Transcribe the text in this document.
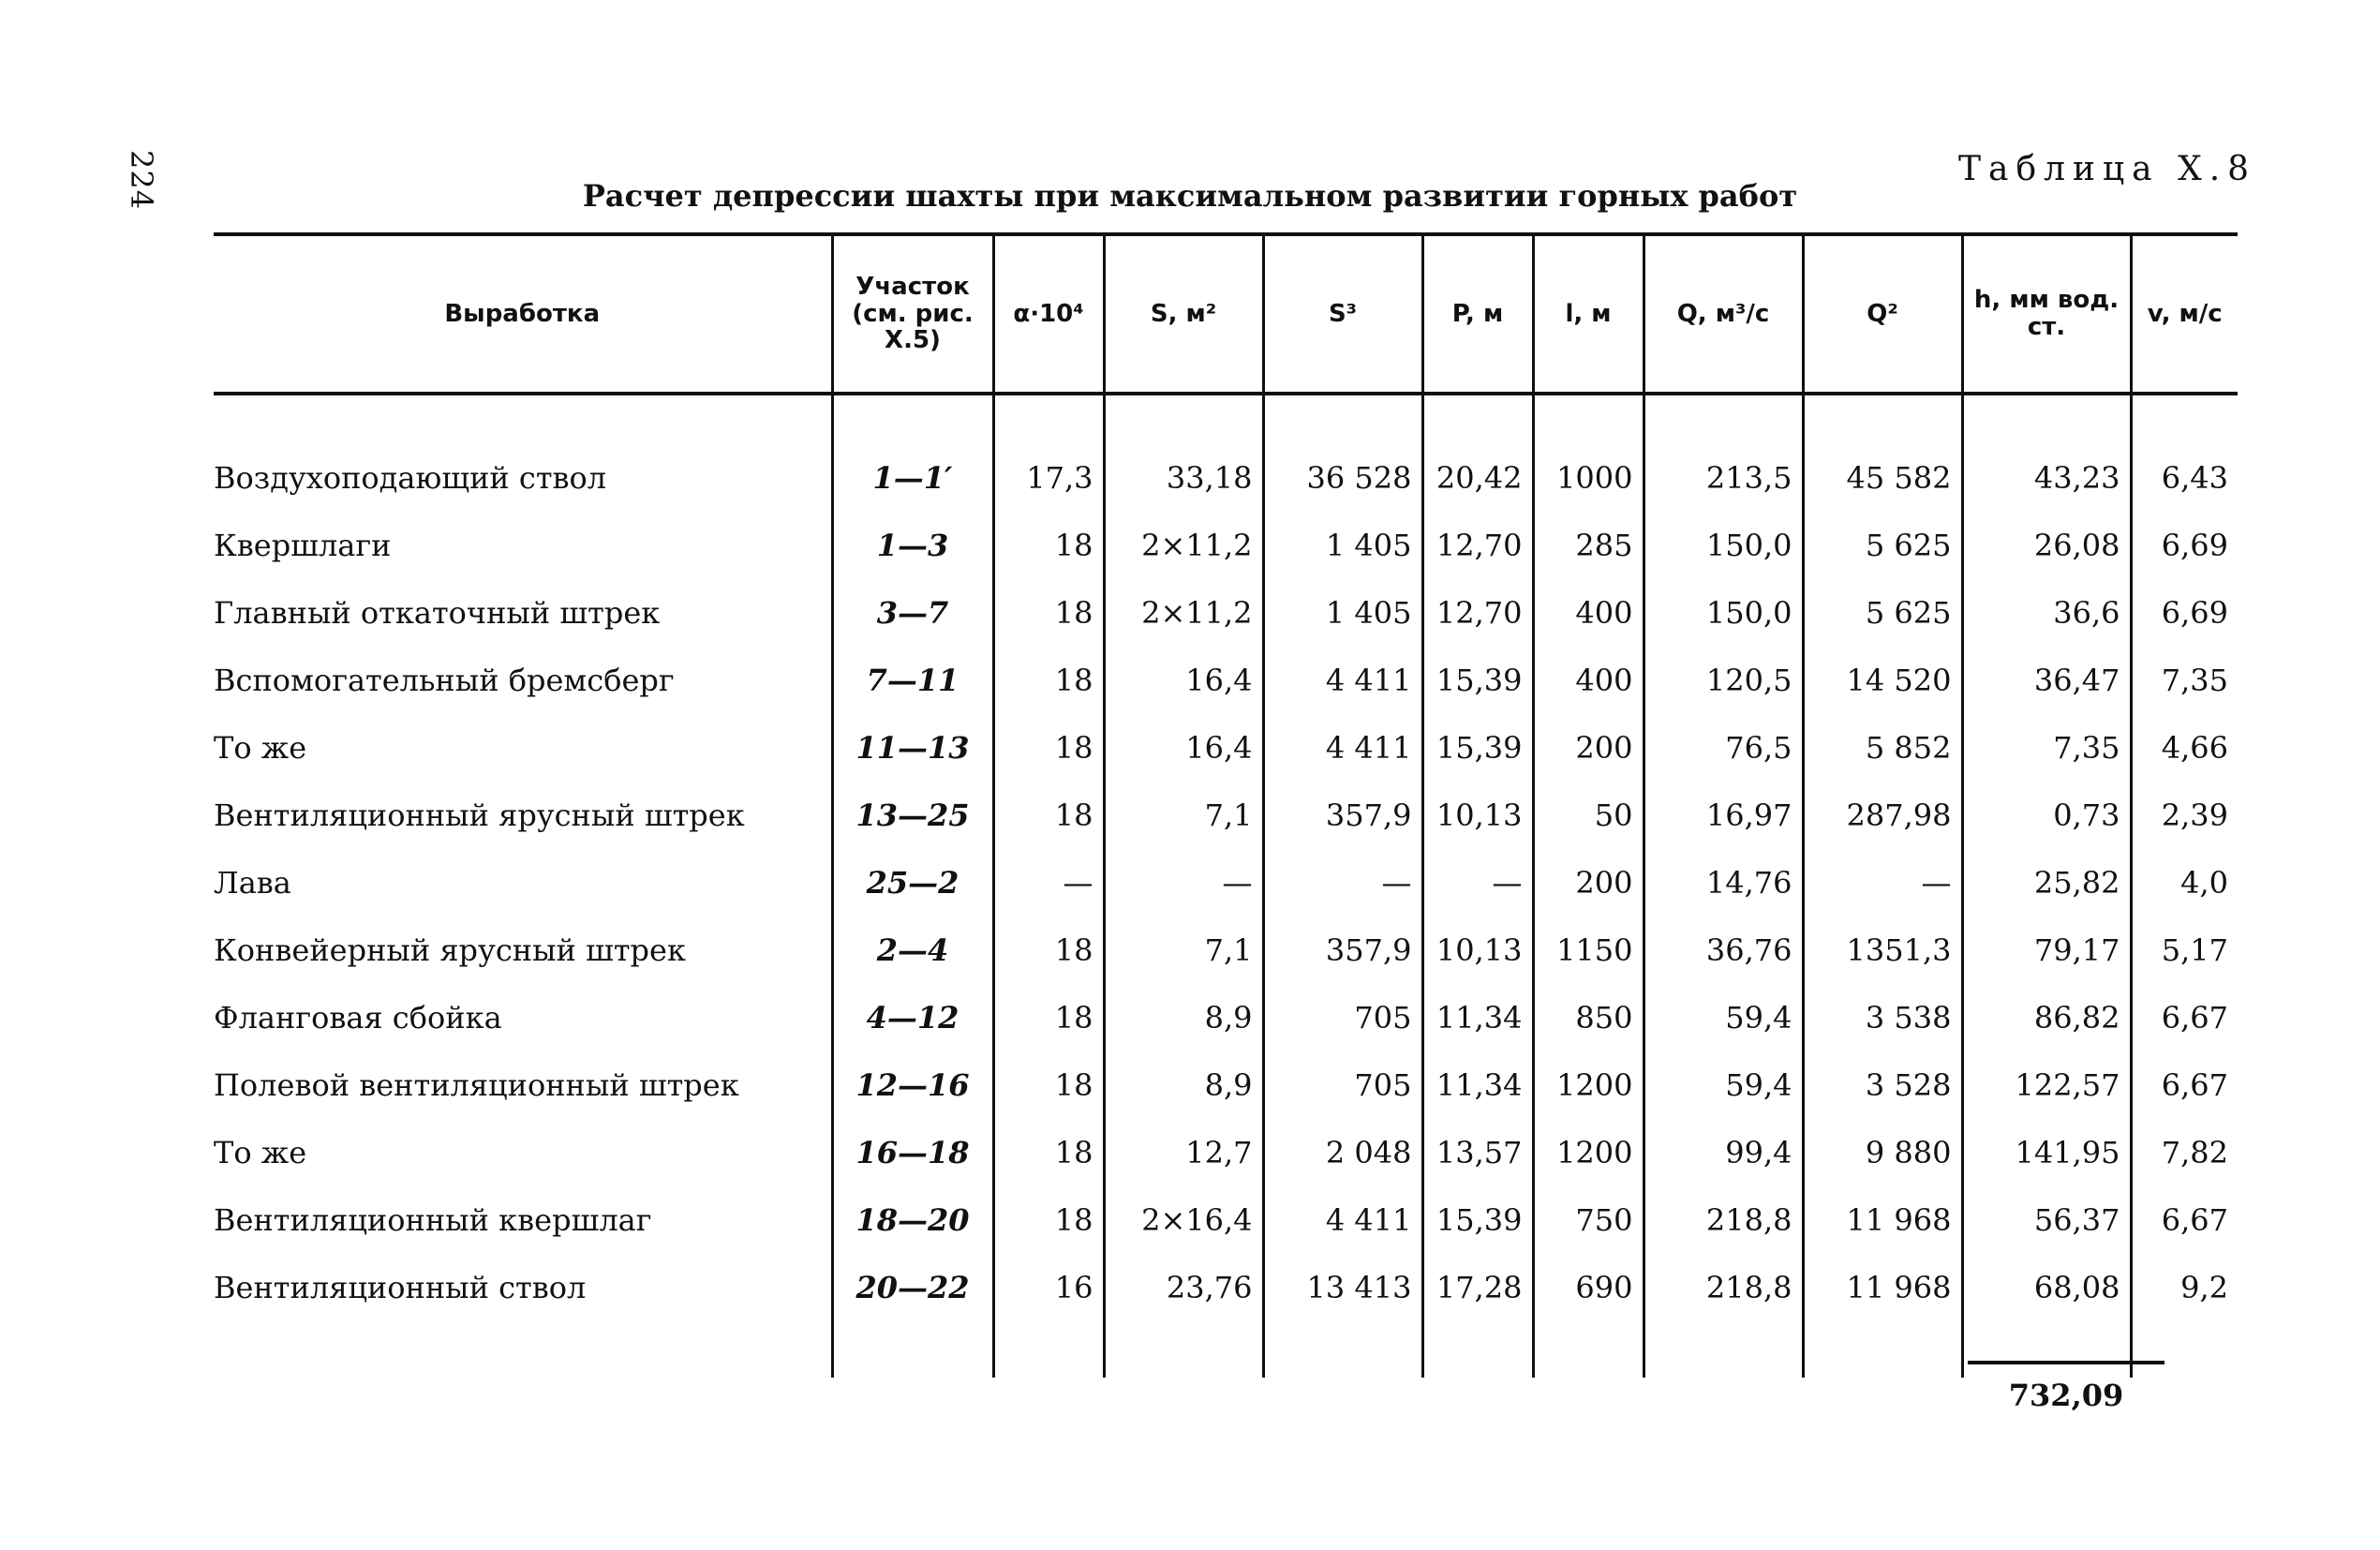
224	Таблица X.8
Расчет депрессии шахты при максимальном развитии горных работ
Выработка	Участок (см. рис. X.5)	α·10⁴	S, м²	S³	P, м	l, м	Q, м³/с	Q²	h, мм вод. ст.	v, м/с

Воздухоподающий ствол	1—1′	17,3	33,18	36 528	20,42	1000	213,5	45 582	43,23	6,43
Квершлаги	1—3	18	2×11,2	1 405	12,70	285	150,0	5 625	26,08	6,69
Главный откаточный штрек	3—7	18	2×11,2	1 405	12,70	400	150,0	5 625	36,6	6,69
Вспомогательный бремсберг	7—11	18	16,4	4 411	15,39	400	120,5	14 520	36,47	7,35
То же	11—13	18	16,4	4 411	15,39	200	76,5	5 852	7,35	4,66
Вентиляционный ярусный штрек	13—25	18	7,1	357,9	10,13	50	16,97	287,98	0,73	2,39
Лава	25—2	—	—	—	—	200	14,76	—	25,82	4,0
Конвейерный ярусный штрек	2—4	18	7,1	357,9	10,13	1150	36,76	1351,3	79,17	5,17
Фланговая сбойка	4—12	18	8,9	705	11,34	850	59,4	3 538	86,82	6,67
Полевой вентиляционный штрек	12—16	18	8,9	705	11,34	1200	59,4	3 528	122,57	6,67
То же	16—18	18	12,7	2 048	13,57	1200	99,4	9 880	141,95	7,82
Вентиляционный квершлаг	18—20	18	2×16,4	4 411	15,39	750	218,8	11 968	56,37	6,67
Вентиляционный ствол	20—22	16	23,76	13 413	17,28	690	218,8	11 968	68,08	9,2

732,09
